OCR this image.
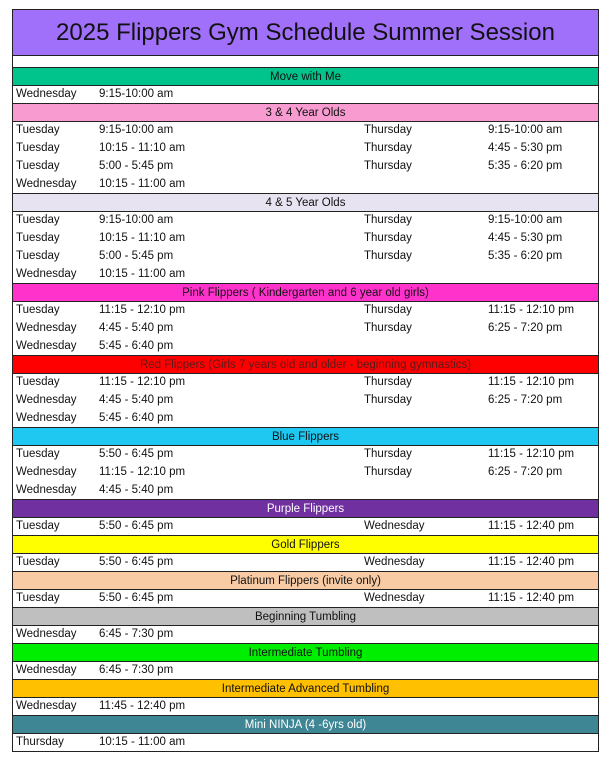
2025 Flippers Gym Schedule Summer Session
Move with Me
Wednesday 9:15-10:00 am
3 & 4 Year Olds
Tuesday	9:15-10:00 am	Thursday	9:15-10:00 am
Tuesday	10:15 - 11:10 am	Thursday	4:45 - 5:30 pm
Tuesday	5:00 - 5:45 pm	Thursday	5:35 - 6:20 pm
Wednesday 10:15 - 11:00 am
4 & 5 Year Olds
Tuesday	9:15-10:00 am	Thursday	9:15-10:00 am
Tuesday	10:15 - 11:10 am	Thursday	4:45 - 5:30 pm
Tuesday	5:00 - 5:45 pm	Thursday	5:35 - 6:20 pm
Wednesday 10:15 - 11:00 am
Pink Flippers ( Kindergarten and 6 year old girls)
Tuesday	11:15 - 12:10 pm	Thursday	11:15 - 12:10 pm
Wednesday 4:45 - 5:40 pm	Thursday	6:25 - 7:20 pm
Wednesday 5:45 - 6:40 pm
Red Flippers (Girls 7 years old and older - beginning gymnastics)
Tuesday	11:15 - 12:10 pm	Thursday	11:15 - 12:10 pm
Wednesday 4:45 - 5:40 pm	Thursday	6:25 - 7:20 pm
Wednesday 5:45 - 6:40 pm
Blue Flippers
Tuesday	5:50 - 6:45 pm	Thursday	11:15 - 12:10 pm
Wednesday 11:15 - 12:10 pm	Thursday	6:25 - 7:20 pm
Wednesday 4:45 - 5:40 pm
Purple Flippers
Tuesday	5:50 - 6:45 pm	Wednesday	11:15 - 12:40 pm
Gold Flippers
Tuesday	5:50 - 6:45 pm	Wednesday	11:15 - 12:40 pm
Platinum Flippers (invite only)
Tuesday	5:50 - 6:45 pm	Wednesday	11:15 - 12:40 pm
Beginning Tumbling
Wednesday 6:45 - 7:30 pm
Intermediate Tumbling
Wednesday 6:45 - 7:30 pm
Intermediate Advanced Tumbling
Wednesday 11:45 - 12:40 pm
Mini NINJA (4 -6yrs old)
Thursday	10:15 - 11:00 am
